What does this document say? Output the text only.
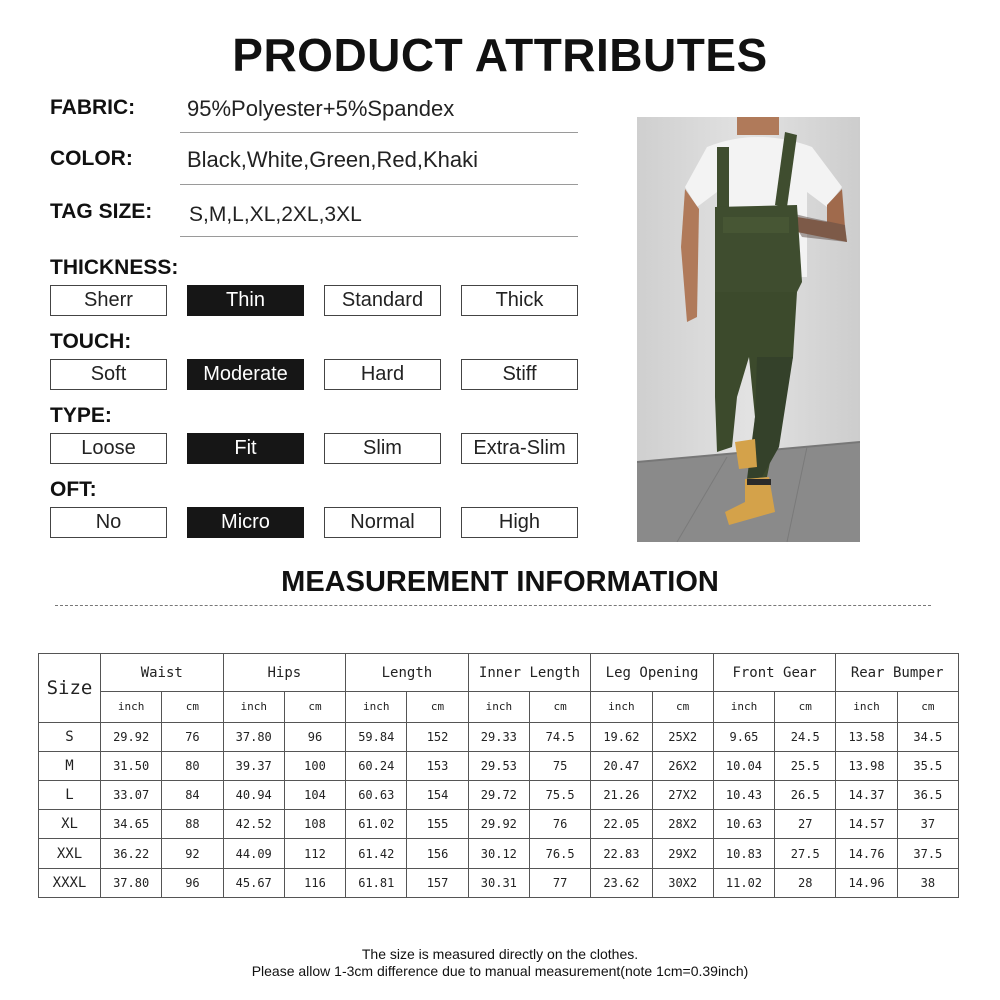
PRODUCT ATTRIBUTES
FABRIC: 95%Polyester+5%Spandex
COLOR: Black,White,Green,Red,Khaki
TAG SIZE: S,M,L,XL,2XL,3XL
THICKNESS:
Sherr	Thin	Standard	Thick
TOUCH:
Soft	Moderate	Hard	Stiff
TYPE:
Loose	Fit	Slim	Extra-Slim
OFT:
No	Micro	Normal	High
MEASUREMENT INFORMATION
Size	Waist		Hips		Length		Inner Length		Leg Opening		Front Gear		Rear Bumper	
	inch	cm	inch	cm	inch	cm	inch	cm	inch	cm	inch	cm	inch	cm
S	29.92	76	37.80	96	59.84	152	29.33	74.5	19.62	25X2	9.65	24.5	13.58	34.5
M	31.50	80	39.37	100	60.24	153	29.53	75	20.47	26X2	10.04	25.5	13.98	35.5
L	33.07	84	40.94	104	60.63	154	29.72	75.5	21.26	27X2	10.43	26.5	14.37	36.5
XL	34.65	88	42.52	108	61.02	155	29.92	76	22.05	28X2	10.63	27	14.57	37
XXL	36.22	92	44.09	112	61.42	156	30.12	76.5	22.83	29X2	10.83	27.5	14.76	37.5
XXXL	37.80	96	45.67	116	61.81	157	30.31	77	23.62	30X2	11.02	28	14.96	38
The size is measured directly on the clothes.
Please allow 1-3cm difference due to manual measurement(note 1cm=0.39inch)
